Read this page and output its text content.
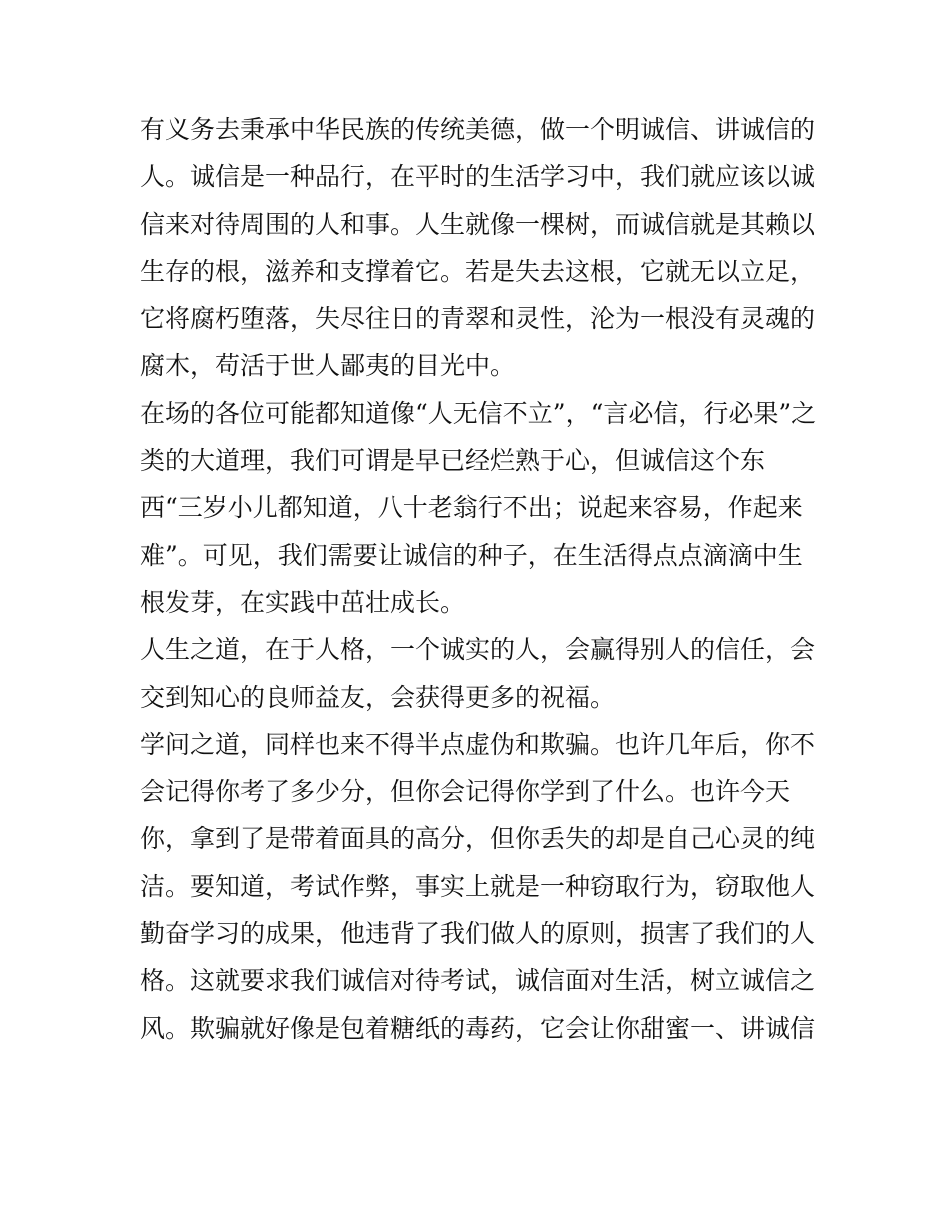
有义务去秉承中华民族的传统美德，做一个明诚信、讲诚信的
人。诚信是一种品行，在平时的生活学习中，我们就应该以诚
信来对待周围的人和事。人生就像一棵树，而诚信就是其赖以
生存的根，滋养和支撑着它。若是失去这根，它就无以立足，
它将腐朽堕落，失尽往日的青翠和灵性，沦为一根没有灵魂的
腐木，苟活于世人鄙夷的目光中。
在场的各位可能都知道像“人无信不立”，“言必信，行必果”之
类的大道理，我们可谓是早已经烂熟于心，但诚信这个东
西“三岁小儿都知道，八十老翁行不出；说起来容易，作起来
难”。可见，我们需要让诚信的种子，在生活得点点滴滴中生
根发芽，在实践中茁壮成长。
人生之道，在于人格，一个诚实的人，会赢得别人的信任，会
交到知心的良师益友，会获得更多的祝福。
学问之道，同样也来不得半点虚伪和欺骗。也许几年后，你不
会记得你考了多少分，但你会记得你学到了什么。也许今天
你，拿到了是带着面具的高分，但你丢失的却是自己心灵的纯
洁。要知道，考试作弊，事实上就是一种窃取行为，窃取他人
勤奋学习的成果，他违背了我们做人的原则，损害了我们的人
格。这就要求我们诚信对待考试，诚信面对生活，树立诚信之
风。欺骗就好像是包着糖纸的毒药，它会让你甜蜜一、讲诚信
